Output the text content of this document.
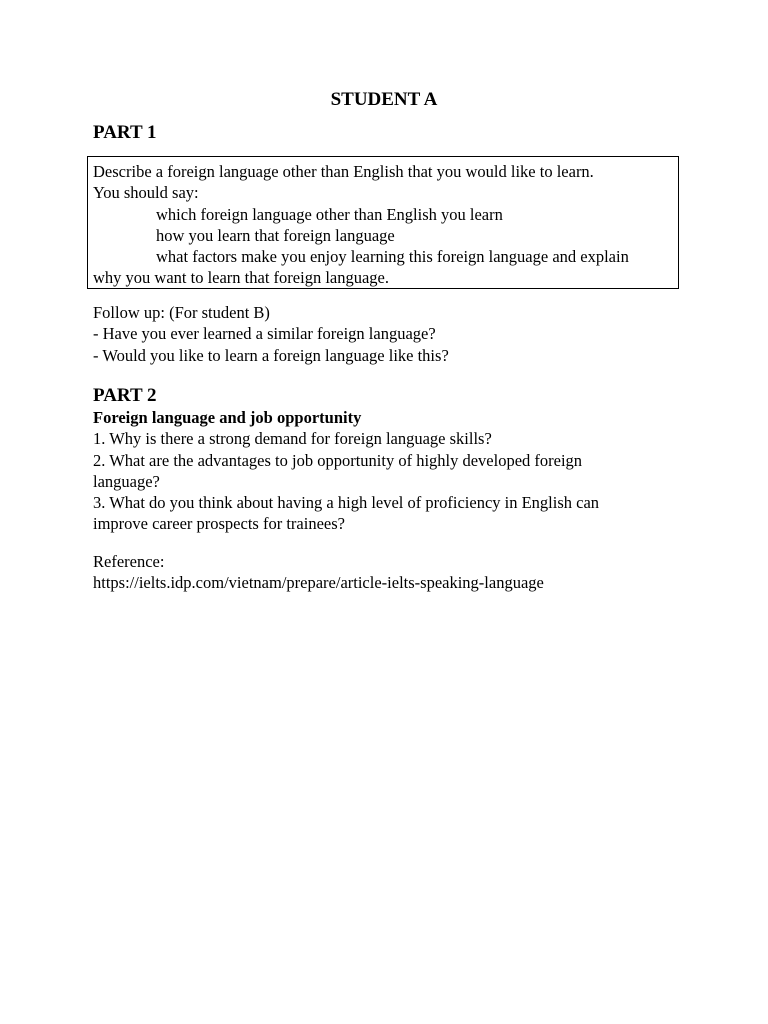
STUDENT A
PART 1
Describe a foreign language other than English that you would like to learn.
You should say:
which foreign language other than English you learn
how you learn that foreign language
what factors make you enjoy learning this foreign language and explain
why you want to learn that foreign language.
Follow up: (For student B)
- Have you ever learned a similar foreign language?
- Would you like to learn a foreign language like this?
PART 2
Foreign language and job opportunity
1. Why is there a strong demand for foreign language skills?
2. What are the advantages to job opportunity of highly developed foreign
language?
3. What do you think about having a high level of proficiency in English can
improve career prospects for trainees?
Reference:
https://ielts.idp.com/vietnam/prepare/article-ielts-speaking-language
